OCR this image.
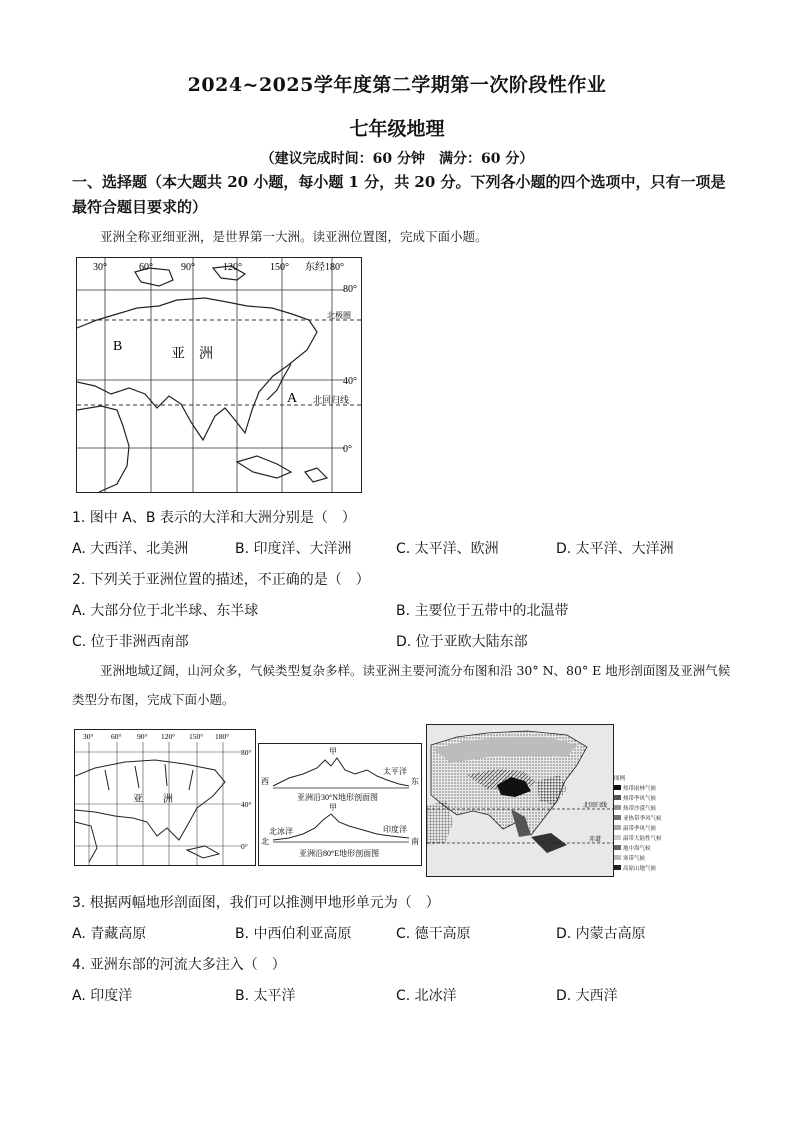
2024~2025学年度第二学期第一次阶段性作业
七年级地理
（建议完成时间：60 分钟　满分：60 分）
一、选择题（本大题共 20 小题，每小题 1 分，共 20 分。下列各小题的四个选项中，只有一项是最符合题目要求的）
亚洲全称亚细亚洲，是世界第一大洲。读亚洲位置图，完成下面小题。
30°	60°	90°	120°	150° 东经180°
80°
40°
0°
北极圈
北回归线
B
亚　洲
A
1. 图中 A、B 表示的大洋和大洲分别是（　）
A. 大西洋、北美洲	B. 印度洋、大洋洲	C. 太平洋、欧洲	D. 太平洋、大洋洲
2. 下列关于亚洲位置的描述，不正确的是（　）
A. 大部分位于北半球、东半球	B. 主要位于五带中的北温带
C. 位于非洲西南部	D. 位于亚欧大陆东部
亚洲地域辽阔，山河众多，气候类型复杂多样。读亚洲主要河流分布图和沿 30° N、80° E 地形剖面图及亚洲气候类型分布图，完成下面小题。
30° 60° 90° 120° 150° 180°
80°
40°
0°
亚　　洲
甲
西
太平洋
东
亚洲沿30°N地形剖面图
甲
北冰洋
北
印度洋
南
亚洲沿80°E地形剖面图
北回归线
赤道
图例
热带雨林气候
热带季风气候
热带沙漠气候
亚热带季风气候
温带季风气候
温带大陆性气候
地中海气候
寒带气候
高原山地气候
3. 根据两幅地形剖面图，我们可以推测甲地形单元为（　）
A. 青藏高原	B. 中西伯利亚高原	C. 德干高原	D. 内蒙古高原
4. 亚洲东部的河流大多注入（　）
A. 印度洋	B. 太平洋	C. 北冰洋	D. 大西洋
